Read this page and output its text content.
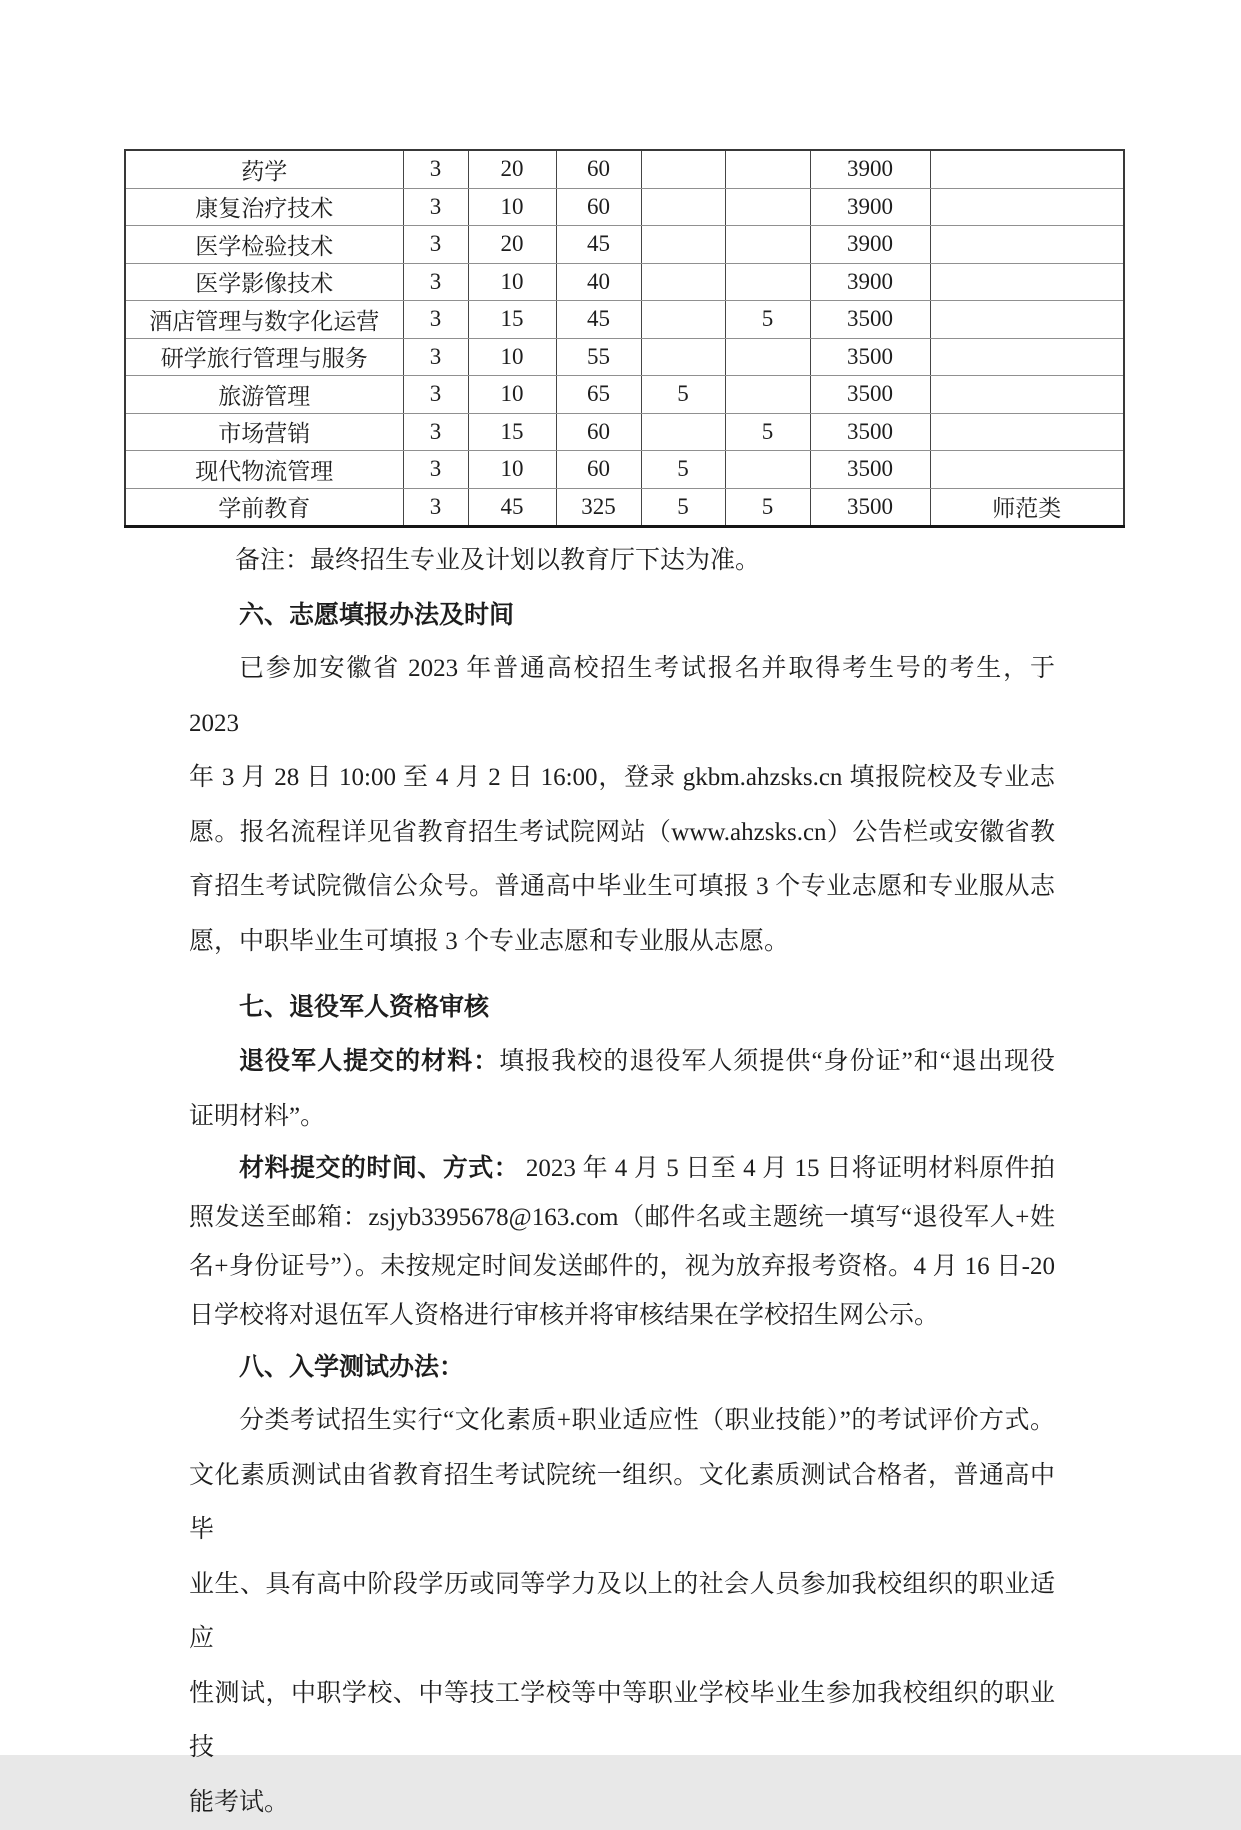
药学	3	20	60			3900	
康复治疗技术	3	10	60			3900	
医学检验技术	3	20	45			3900	
医学影像技术	3	10	40			3900	
酒店管理与数字化运营	3	15	45		5	3500	
研学旅行管理与服务	3	10	55			3500	
旅游管理	3	10	65	5		3500	
市场营销	3	15	60		5	3500	
现代物流管理	3	10	60	5		3500	
学前教育	3	45	325	5	5	3500	师范类
备注：最终招生专业及计划以教育厅下达为准。
六、志愿填报办法及时间
已参加安徽省 2023 年普通高校招生考试报名并取得考生号的考生，于 2023
年 3 月 28 日 10:00 至 4 月 2 日 16:00，登录 gkbm.ahzsks.cn 填报院校及专业志
愿。报名流程详见省教育招生考试院网站（www.ahzsks.cn）公告栏或安徽省教
育招生考试院微信公众号。普通高中毕业生可填报 3 个专业志愿和专业服从志
愿，中职毕业生可填报 3 个专业志愿和专业服从志愿。
七、退役军人资格审核
退役军人提交的材料：填报我校的退役军人须提供“身份证”和“退出现役
证明材料”。
材料提交的时间、方式： 2023 年 4 月 5 日至 4 月 15 日将证明材料原件拍
照发送至邮箱：zsjyb3395678@163.com（邮件名或主题统一填写“退役军人+姓
名+身份证号”）。未按规定时间发送邮件的，视为放弃报考资格。4 月 16 日-20
日学校将对退伍军人资格进行审核并将审核结果在学校招生网公示。
八、入学测试办法：
分类考试招生实行“文化素质+职业适应性（职业技能）”的考试评价方式。
文化素质测试由省教育招生考试院统一组织。文化素质测试合格者，普通高中毕
业生、具有高中阶段学历或同等学力及以上的社会人员参加我校组织的职业适应
性测试，中职学校、中等技工学校等中等职业学校毕业生参加我校组织的职业技
能考试。
